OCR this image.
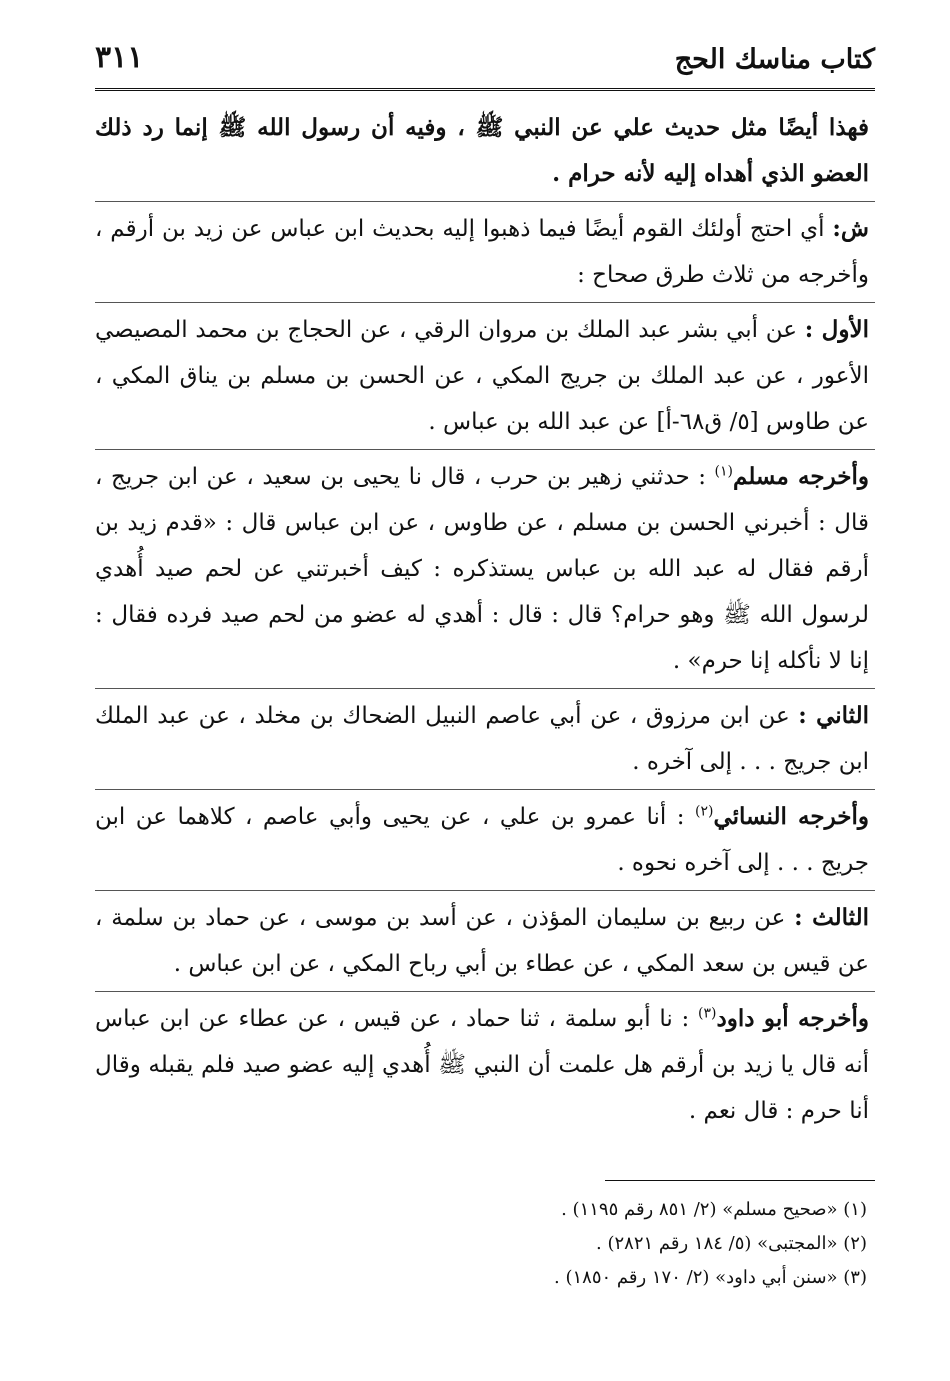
كتاب مناسك الحج
٣١١

فهذا أيضًا مثل حديث علي عن النبي ﷺ ، وفيه أن رسول الله ﷺ إنما رد ذلك العضو الذي أهداه إليه لأنه حرام .

ش: أي احتج أولئك القوم أيضًا فيما ذهبوا إليه بحديث ابن عباس عن زيد بن أرقم ، وأخرجه من ثلاث طرق صحاح :

الأول : عن أبي بشر عبد الملك بن مروان الرقي ، عن الحجاج بن محمد المصيصي الأعور ، عن عبد الملك بن جريج المكي ، عن الحسن بن مسلم بن يناق المكي ، عن طاوس [٥/ ق٦٨-أ] عن عبد الله بن عباس .

وأخرجه مسلم$^{(١)}$ : حدثني زهير بن حرب ، قال نا يحيى بن سعيد ، عن ابن جريج ، قال : أخبرني الحسن بن مسلم ، عن طاوس ، عن ابن عباس قال : «قدم زيد بن أرقم فقال له عبد الله بن عباس يستذكره : كيف أخبرتني عن لحم صيد أُهدي لرسول الله ﷺ وهو حرام؟ قال : قال : أهدي له عضو من لحم صيد فرده فقال : إنا لا نأكله إنا حرم» .

الثاني : عن ابن مرزوق ، عن أبي عاصم النبيل الضحاك بن مخلد ، عن عبد الملك ابن جريج . . . إلى آخره .

وأخرجه النسائي$^{(٢)}$ : أنا عمرو بن علي ، عن يحيى وأبي عاصم ، كلاهما عن ابن جريج . . . إلى آخره نحوه .

الثالث : عن ربيع بن سليمان المؤذن ، عن أسد بن موسى ، عن حماد بن سلمة ، عن قيس بن سعد المكي ، عن عطاء بن أبي رباح المكي ، عن ابن عباس .

وأخرجه أبو داود$^{(٣)}$ : نا أبو سلمة ، ثنا حماد ، عن قيس ، عن عطاء عن ابن عباس أنه قال يا زيد بن أرقم هل علمت أن النبي ﷺ أُهدي إليه عضو صيد فلم يقبله وقال أنا حرم : قال نعم .

(١) «صحيح مسلم» (٢/ ٨٥١ رقم ١١٩٥) .
(٢) «المجتبى» (٥/ ١٨٤ رقم ٢٨٢١) .
(٣) «سنن أبي داود» (٢/ ١٧٠ رقم ١٨٥٠) .
